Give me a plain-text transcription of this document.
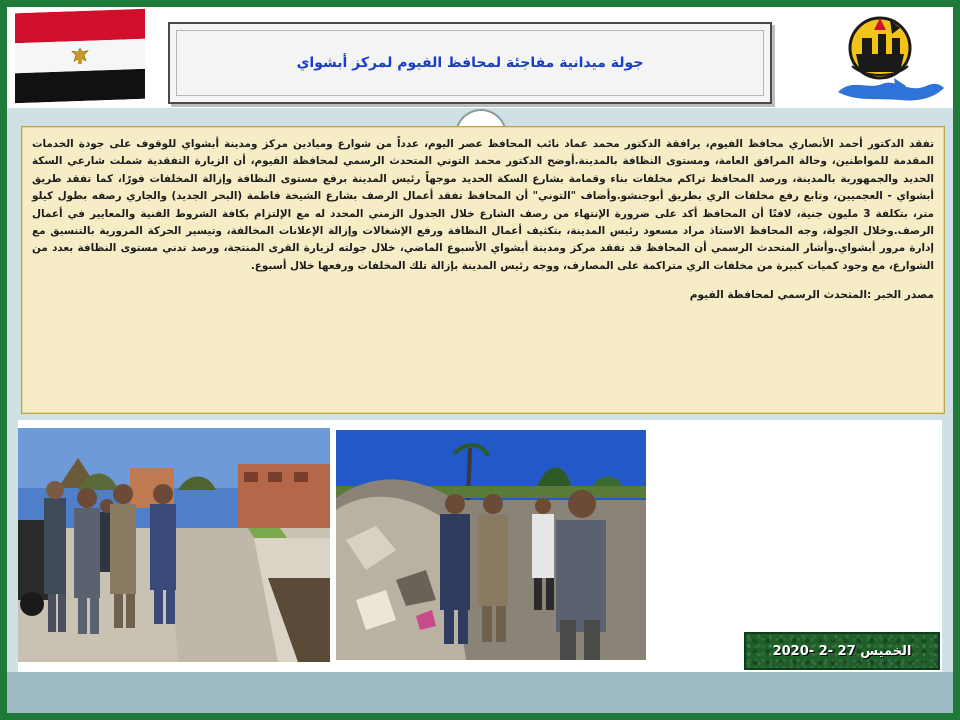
جولة ميدانية مفاجئة لمحافظ الفيوم لمركز أبشواي

تفقد الدكتور أحمد الأنصاري محافظ الفيوم، يرافقة الدكتور محمد عماد نائب المحافظ عصر اليوم، عدداً من شوارع وميادين مركز ومدينة أبشواي للوقوف على جودة الخدمات المقدمة للمواطنين، وحالة المرافق العامة، ومستوى النظافة بالمدينة.أوضح الدكتور محمد التوني المتحدث الرسمي لمحافظة الفيوم، أن الزيارة التفقدية شملت شارعي السكة الحديد والجمهورية بالمدينة، ورصد المحافظ تراكم مخلفات بناء وقمامة بشارع السكة الحديد موجهاً رئيس المدينة برفع مستوى النظافة وإزالة المخلفات فورًا، كما تفقد طريق أبشواي - العجميين، وتابع رفع مخلفات الري بطريق أبوجنشو.وأضاف "التوني" أن المحافظ تفقد أعمال الرصف بشارع الشيخة فاطمة (البحر الجديد) والجاري رصفه بطول كيلو متر، بتكلفة 3 مليون جنية، لافتًا أن المحافظ أكد على ضرورة الإنتهاء من رصف الشارع خلال الجدول الزمني المحدد له مع الإلتزام بكافة الشروط الفنية والمعايير في أعمال الرصف.وخلال الجولة، وجه المحافظ الاستاذ مراد مسعود رئيس المدينة، بتكثيف أعمال النظافة ورفع الإشغالات وإزالة الإعلانات المخالفة، وتيسير الحركة المرورية بالتنسيق مع إدارة مرور أبشواي.وأشار المتحدث الرسمي أن المحافظ قد تفقد مركز ومدينة أبشواي الأسبوع الماضي، خلال جولته لزيارة القرى المنتجة، ورصد تدني مستوى النظافة بعدد من الشوارع، مع وجود كميات كبيرة من مخلفات الري متراكمة على المصارف، ووجه رئيس المدينة بإزالة تلك المخلفات ورفعها خلال أسبوع.

مصدر الخبر :المتحدث الرسمي لمحافظة الفيوم

الخميس 27 -2 -2020
